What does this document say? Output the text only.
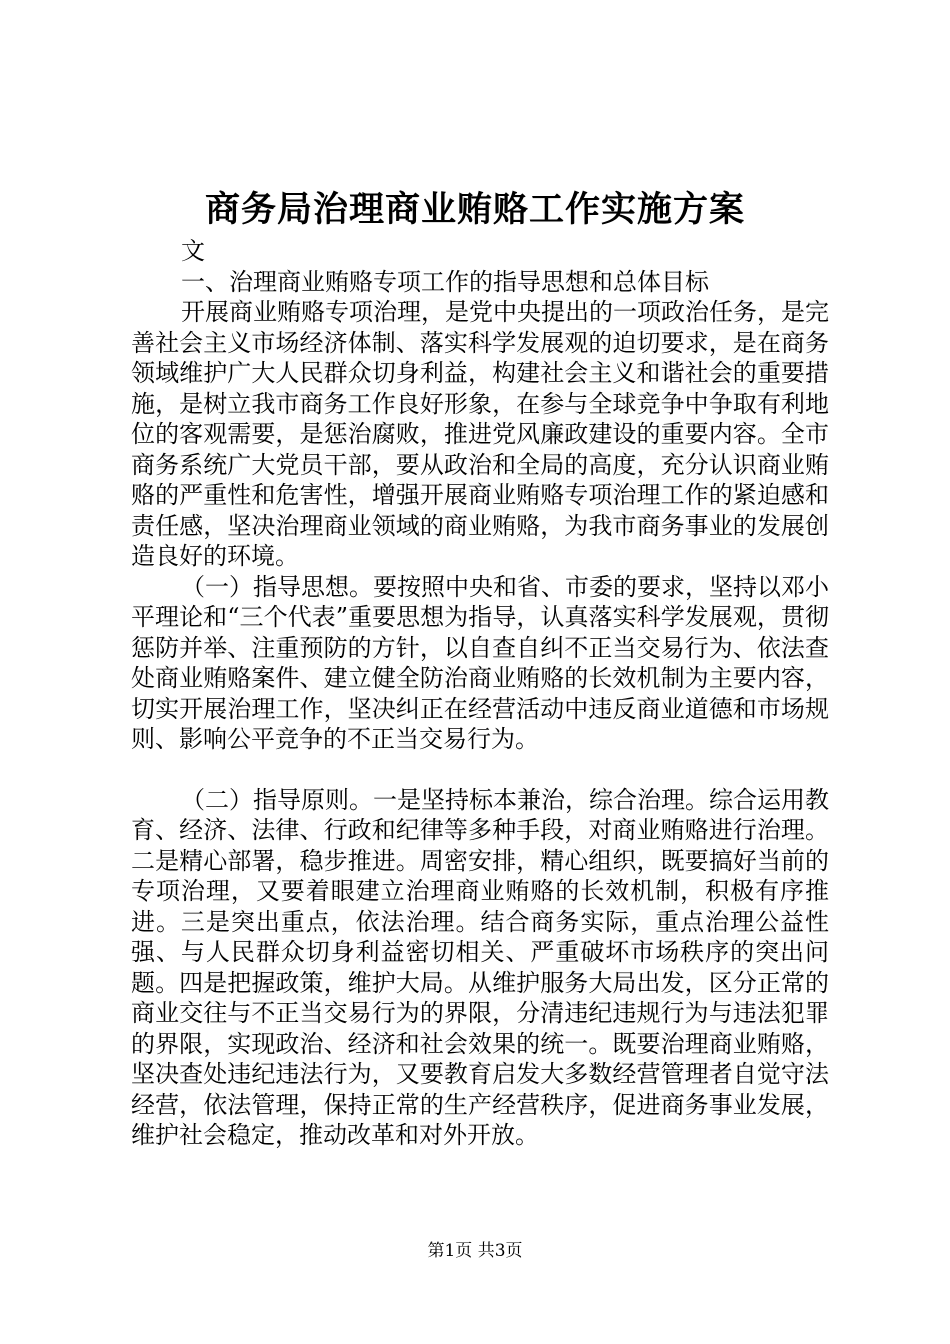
商务局治理商业贿赂工作实施方案

文

一、治理商业贿赂专项工作的指导思想和总体目标

开展商业贿赂专项治理，是党中央提出的一项政治任务，是完善社会主义市场经济体制、落实科学发展观的迫切要求，是在商务领域维护广大人民群众切身利益，构建社会主义和谐社会的重要措施，是树立我市商务工作良好形象，在参与全球竞争中争取有利地位的客观需要，是惩治腐败，推进党风廉政建设的重要内容。全市商务系统广大党员干部，要从政治和全局的高度，充分认识商业贿赂的严重性和危害性，增强开展商业贿赂专项治理工作的紧迫感和责任感，坚决治理商业领域的商业贿赂，为我市商务事业的发展创造良好的环境。

（一）指导思想。要按照中央和省、市委的要求，坚持以邓小平理论和“三个代表”重要思想为指导，认真落实科学发展观，贯彻惩防并举、注重预防的方针，以自查自纠不正当交易行为、依法查处商业贿赂案件、建立健全防治商业贿赂的长效机制为主要内容，切实开展治理工作，坚决纠正在经营活动中违反商业道德和市场规则、影响公平竞争的不正当交易行为。

（二）指导原则。一是坚持标本兼治，综合治理。综合运用教育、经济、法律、行政和纪律等多种手段，对商业贿赂进行治理。二是精心部署，稳步推进。周密安排，精心组织，既要搞好当前的专项治理，又要着眼建立治理商业贿赂的长效机制，积极有序推进。三是突出重点，依法治理。结合商务实际，重点治理公益性强、与人民群众切身利益密切相关、严重破坏市场秩序的突出问题。四是把握政策，维护大局。从维护服务大局出发，区分正常的商业交往与不正当交易行为的界限，分清违纪违规行为与违法犯罪的界限，实现政治、经济和社会效果的统一。既要治理商业贿赂，坚决查处违纪违法行为，又要教育启发大多数经营管理者自觉守法经营，依法管理，保持正常的生产经营秩序，促进商务事业发展，维护社会稳定，推动改革和对外开放。

第1页 共3页
